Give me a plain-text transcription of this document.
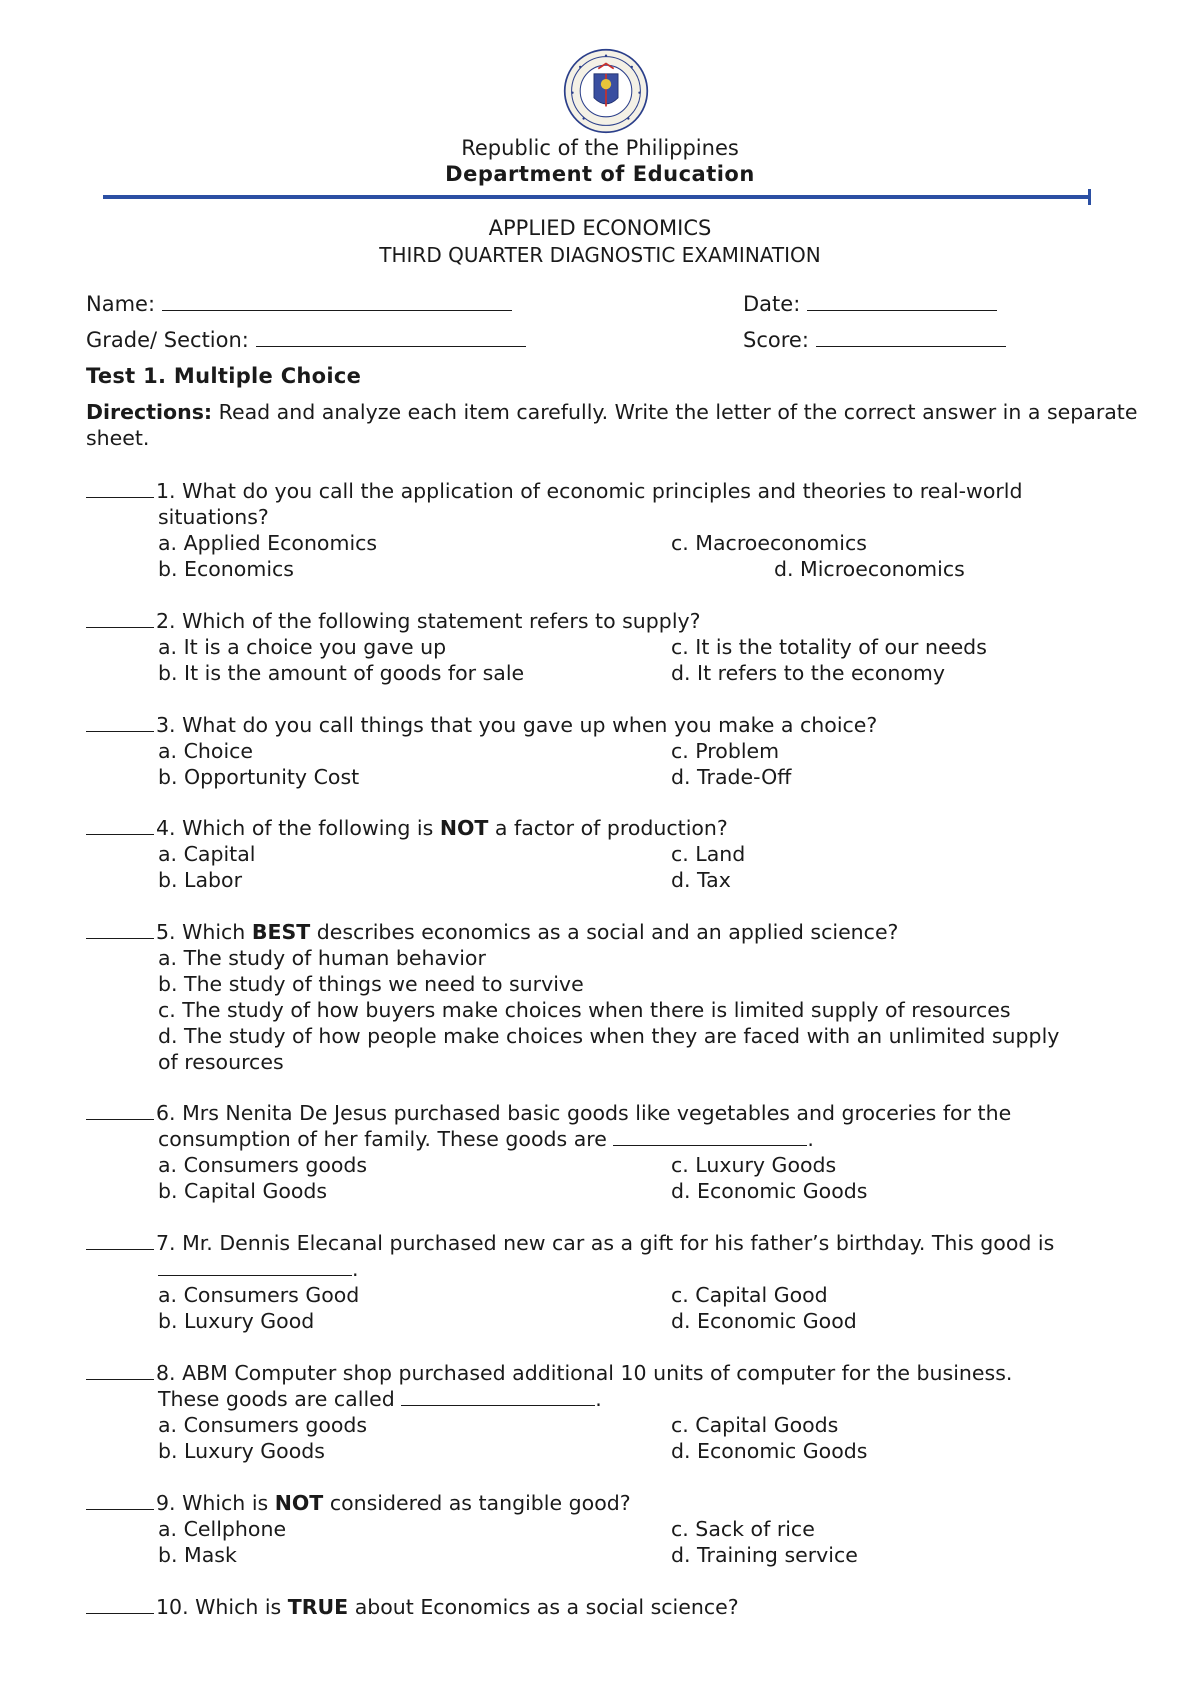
Republic of the Philippines
Department of Education
APPLIED ECONOMICS
THIRD QUARTER DIAGNOSTIC EXAMINATION
Name:	Date:
Grade/ Section:	Score:
Test 1. Multiple Choice
Directions: Read and analyze each item carefully. Write the letter of the correct answer in a separate sheet.
1. What do you call the application of economic principles and theories to real-world
situations?
a. Applied Economics	c. Macroeconomics
b. Economics	d. Microeconomics
2. Which of the following statement refers to supply?
a. It is a choice you gave up	c. It is the totality of our needs
b. It is the amount of goods for sale	d. It refers to the economy
3. What do you call things that you gave up when you make a choice?
a. Choice	c. Problem
b. Opportunity Cost	d. Trade-Off
4. Which of the following is NOT a factor of production?
a. Capital	c. Land
b. Labor	d. Tax
5. Which BEST describes economics as a social and an applied science?
a. The study of human behavior
b. The study of things we need to survive
c. The study of how buyers make choices when there is limited supply of resources
d. The study of how people make choices when they are faced with an unlimited supply
of resources
6. Mrs Nenita De Jesus purchased basic goods like vegetables and groceries for the
consumption of her family. These goods are	.
a. Consumers goods	c. Luxury Goods
b. Capital Goods	d. Economic Goods
7. Mr. Dennis Elecanal purchased new car as a gift for his father’s birthday. This good is
.
a. Consumers Good	c. Capital Good
b. Luxury Good	d. Economic Good
8. ABM Computer shop purchased additional 10 units of computer for the business.
These goods are called	.
a. Consumers goods	c. Capital Goods
b. Luxury Goods	d. Economic Goods
9. Which is NOT considered as tangible good?
a. Cellphone	c. Sack of rice
b. Mask	d. Training service
10. Which is TRUE about Economics as a social science?
